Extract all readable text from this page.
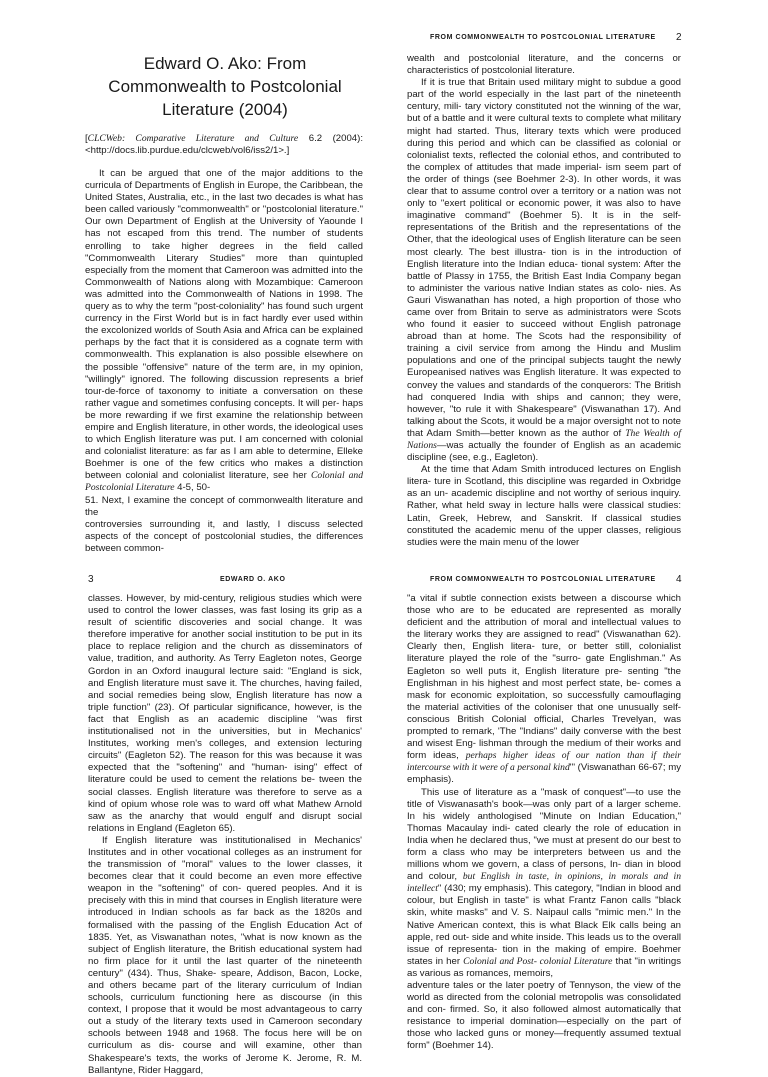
FROM COMMONWEALTH TO POSTCOLONIAL LITERATURE 2
Edward O. Ako: From Commonwealth to Postcolonial Literature (2004)
[CLCWeb: Comparative Literature and Culture 6.2 (2004): <http://docs.lib.purdue.edu/clcweb/vol6/iss2/1>.]

It can be argued that one of the major additions to the curricula of Departments of English in Europe, the Caribbean, the United States, Australia, etc., in the last two decades is what has been called variously "commonwealth" or "postcolonial literature." Our own Department of English at the University of Yaounde I has not escaped from this trend. The number of students enrolling to take higher degrees in the field called "Commonwealth Literary Studies" more than quintupled especially from the moment that Cameroon was admitted into the Commonwealth of Nations along with Mozambique: Cameroon was admitted into the Commonwealth of Nations in 1998. The query as to why the term "post-coloniality" has found such urgent currency in the First World but is in fact hardly ever used within the excolonized worlds of South Asia and Africa can be explained perhaps by the fact that it is considered as a cognate term with commonwealth. This explanation is also possible elsewhere on the possible "offensive" nature of the term are, in my opinion, "willingly" ignored. The following discussion represents a brief tour-de-force of taxonomy to initiate a conversation on these rather vague and sometimes confusing concepts. It will per- haps be more rewarding if we first examine the relationship between empire and English literature, in other words, the ideological uses to which English literature was put. I am concerned with colonial and colonialist literature: as far as I am able to determine, Elleke Boehmer is one of the few critics who makes a distinction between colonial and colonialist literature, see her Colonial and Postcolonial Literature 4-5, 50-

51. Next, I examine the concept of commonwealth literature and the

controversies surrounding it, and lastly, I discuss selected aspects of the concept of postcolonial studies, the differences between common-

wealth and postcolonial literature, and the concerns or characteristics of postcolonial literature.

If it is true that Britain used military might to subdue a good part of the world especially in the last part of the nineteenth century, mili- tary victory constituted not the winning of the war, but of a battle and it were cultural texts to complete what military might had started. Thus, literary texts which were produced during this period and which can be classified as colonial or colonialist texts, reflected the colonial ethos, and contributed to the complex of attitudes that made imperial- ism seem part of the order of things (see Boehmer 2-3). In other words, it was clear that to assume control over a territory or a nation was not only to "exert political or economic power, it was also to have imaginative command" (Boehmer 5). It is in the self-representations of the British and the representations of the Other, that the ideological uses of English literature can be seen most clearly. The best illustra- tion is in the introduction of English literature into the Indian educa- tional system: After the battle of Plassy in 1755, the British East India Company began to administer the various native Indian states as colo- nies. As Gauri Viswanathan has noted, a high proportion of those who came over from Britain to serve as administrators were Scots who found it easier to succeed without English patronage abroad than at home. The Scots had the responsibility of training a civil service from among the Hindu and Muslim populations and one of the principal subjects taught the newly Europeanised natives was English literature. It was expected to convey the values and standards of the conquerors: The British had conquered India with ships and cannon; they were, however, "to rule it with Shakespeare" (Viswanathan 17). And talking about the Scots, it would be a major oversight not to note that Adam Smith—better known as the author of The Wealth of Nations—was actually the founder of English as an academic discipline (see, e.g., Eagleton).

At the time that Adam Smith introduced lectures on English litera- ture in Scotland, this discipline was regarded in Oxbridge as an un- academic discipline and not worthy of serious inquiry. Rather, what held sway in lecture halls were classical studies: Latin, Greek, Hebrew, and Sanskrit. If classical studies constituted the academic menu of the upper classes, religious studies were the main menu of the lower

3	EDWARD O. AKO

classes. However, by mid-century, religious studies which were used to control the lower classes, was fast losing its grip as a result of scientific discoveries and social change. It was therefore imperative for another social institution to be put in its place to replace religion and the church as disseminators of value, tradition, and authority. As Terry Eagleton notes, George Gordon in an Oxford inaugural lecture said: "England is sick, and English literature must save it. The churches, having failed, and social remedies being slow, English literature has now a triple function" (23). Of particular significance, however, is the fact that English as an academic discipline "was first institutionalised not in the universities, but in Mechanics' Institutes, working men's colleges, and extension lecturing circuits" (Eagleton 52). The reason for this was because it was expected that the "softening" and "human- ising" effect of literature could be used to cement the relations be- tween the social classes. English literature was therefore to serve as a kind of opium whose role was to ward off what Mathew Arnold saw as the anarchy that would engulf and disrupt social relations in England (Eagleton 65).

If English literature was institutionalised in Mechanics' Institutes and in other vocational colleges as an instrument for the transmission of "moral" values to the lower classes, it becomes clear that it could become an even more effective weapon in the "softening" of con- quered peoples. And it is precisely with this in mind that courses in English literature were introduced in Indian schools as far back as the 1820s and formalised with the passing of the English Education Act of 1835. Yet, as Viswanathan notes, "what is now known as the subject of English literature, the British educational system had no firm place for it until the last quarter of the nineteenth century" (434). Thus, Shake- speare, Addison, Bacon, Locke, and others became part of the literary curriculum of Indian schools, curriculum functioning here as discourse (in this context, I propose that it would be most advantageous to carry out a study of the literary texts used in Cameroon secondary schools between 1948 and 1968. The focus here will be on curriculum as dis- course and will examine, other than Shakespeare's texts, the works of Jerome K. Jerome, R. M. Ballantyne, Rider Haggard,

FROM COMMONWEALTH TO POSTCOLONIAL LITERATURE 4

"a vital if subtle connection exists between a discourse which those who are to be educated are represented as morally deficient and the attribution of moral and intellectual values to the literary works they are assigned to read" (Viswanathan 62). Clearly then, English litera- ture, or better still, colonialist literature played the role of the "surro- gate Englishman." As Eagleton so well puts it, English literature pre- senting "the Englishman in his highest and most perfect state, be- comes a mask for economic exploitation, so successfully camouflaging the material activities of the coloniser that one unusually self- conscious British Colonial official, Charles Trevelyan, was prompted to remark, 'The "Indians" daily converse with the best and wisest Eng- lishman through the medium of their works and form ideas, perhaps higher ideas of our nation than if their intercourse with it were of a personal kind'" (Viswanathan 66-67; my emphasis).

This use of literature as a "mask of conquest"—to use the title of Viswanasath's book—was only part of a larger scheme. In his widely anthologised "Minute on Indian Education," Thomas Macaulay indi- cated clearly the role of education in India when he declared thus, "we must at present do our best to form a class who may be interpreters between us and the millions whom we govern, a class of persons, In- dian in blood and colour, but English in taste, in opinions, in morals and in intellect" (430; my emphasis). This category, "Indian in blood and colour, but English in taste" is what Frantz Fanon calls "black skin, white masks" and V. S. Naipaul calls "mimic men." In the Native American context, this is what Black Elk calls being an apple, red out- side and white inside. This leads us to the overall issue of representa- tion in the making of empire. Boehmer states in her Colonial and Post- colonial Literature that "in writings as various as romances, memoirs,

adventure tales or the later poetry of Tennyson, the view of the world as directed from the colonial metropolis was consolidated and con- firmed. So, it also followed almost automatically that resistance to imperial domination—especially on the part of those who lacked guns or money—frequently assumed textual form" (Boehmer 14).
